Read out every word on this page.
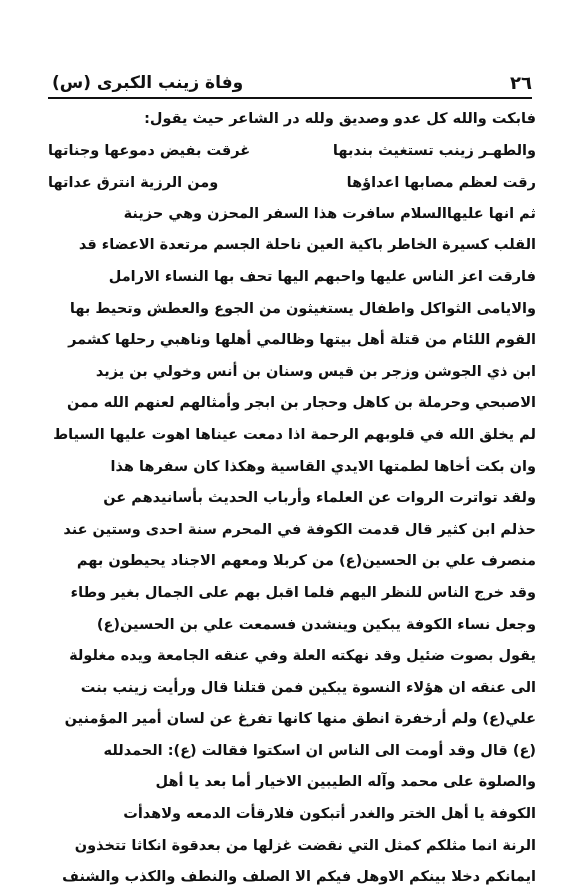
وفاة زينب الكبرى (س)	٢٦
فابكت والله كل عدو وصديق ولله در الشاعر حيث يقول:
والطهـر زينب تستغيث بندبها
غرقت بفيض دموعها وجناتها
رقت لعظم مصابها اعداؤها
ومن الرزية انترق عداتها
ثم انها عليهاالسلام سافرت هذا السفر المحزن وهي حزينة
القلب كسيرة الخاطر باكية العين ناحلة الجسم مرتعدة الاعضاء قد
فارقت اعز الناس عليها واحبهم اليها تحف بها النساء الارامل
والايامى الثواكل واطفال يستغيثون من الجوع والعطش وتحيط بها
القوم اللئام من قتلة أهل بيتها وظالمي أهلها وناهبي رحلها كشمر
ابن ذي الجوشن وزجر بن قيس وسنان بن أنس وخولي بن يزيد
الاصبحي وحرملة بن كاهل وحجار بن ابجر وأمثالهم لعنهم الله ممن
لم يخلق الله في قلوبهم الرحمة اذا دمعت عيناها اهوت عليها السياط
وان بكت أخاها لطمتها الايدي القاسية وهكذا كان سفرها هذا
ولقد تواترت الروات عن العلماء وأرباب الحديث بأسانيدهم عن
حذلم ابن كثير قال قدمت الكوفة في المحرم سنة احدى وستين عند
منصرف علي بن الحسين(ع) من كربلا ومعهم الاجناد يحيطون بهم
وقد خرج الناس للنظر اليهم فلما اقبل بهم على الجمال بغير وطاء
وجعل نساء الكوفة يبكين وينشدن فسمعت علي بن الحسين(ع)
يقول بصوت ضئيل وقد نهكته العلة وفي عنقه الجامعة ويده مغلولة
الى عنقه ان هؤلاء النسوة يبكين فمن قتلنا قال ورأيت زينب بنت
علي(ع) ولم أرخفرة انطق منها كانها تفرغ عن لسان أمير المؤمنين
(ع) قال وقد أومت الى الناس ان اسكتوا فقالت (ع): الحمدلله
والصلوة على محمد وآله الطيبين الاخيار أما بعد يا أهل
الكوفة يا أهل الختر والغدر أتبكون فلارقأت الدمعه ولاهدأت
الرنة انما مثلكم كمثل التي نقضت غزلها من بعدقوة انكاثا تتخذون
ايمانكم دخلا بينكم الاوهل فيكم الا الصلف والنطف والكذب والشنف
